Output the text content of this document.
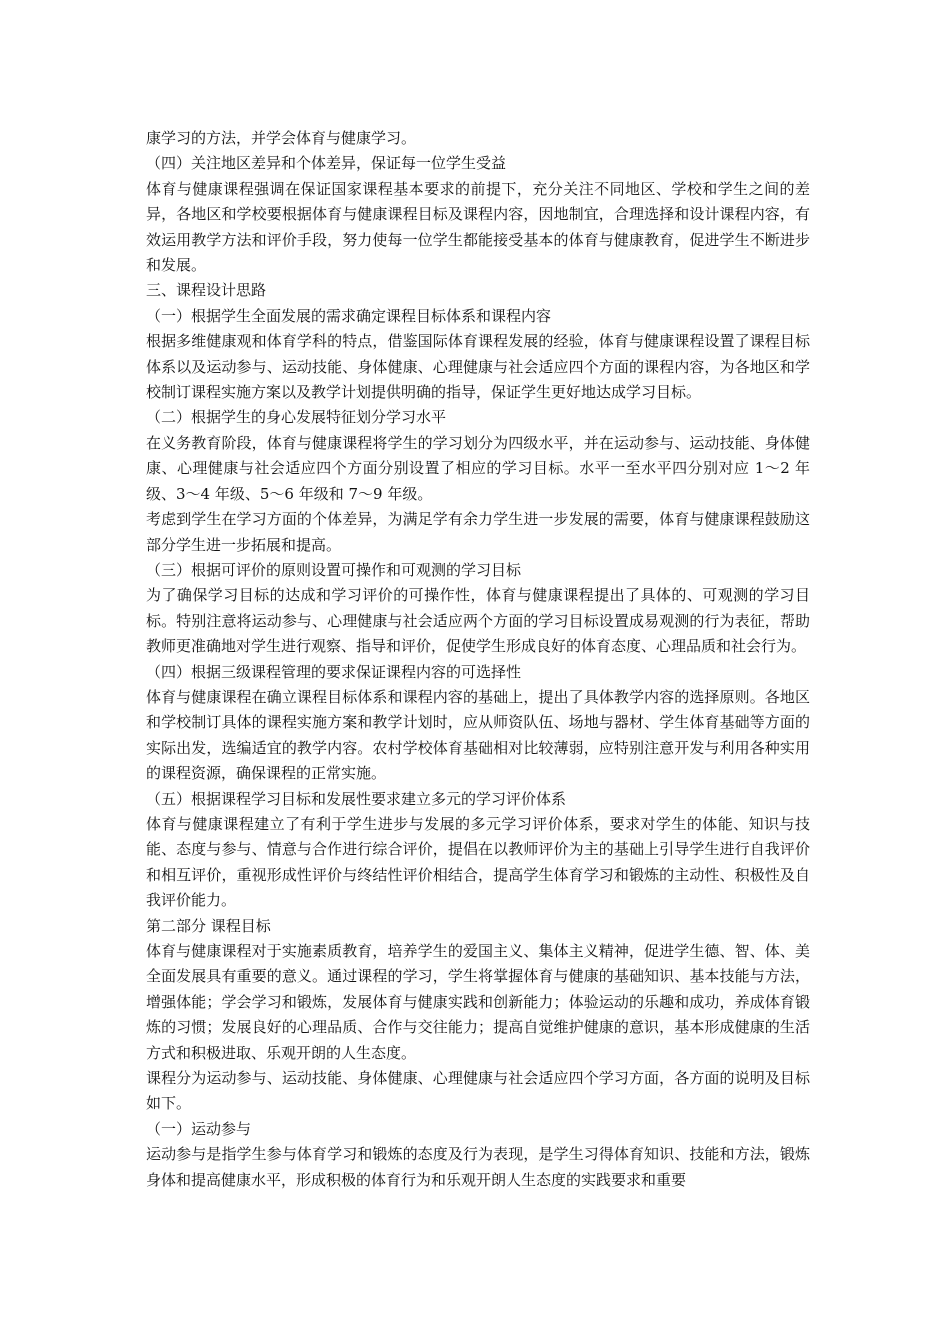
康学习的方法，并学会体育与健康学习。

（四）关注地区差异和个体差异，保证每一位学生受益

体育与健康课程强调在保证国家课程基本要求的前提下，充分关注不同地区、学校和学生之间的差异，各地区和学校要根据体育与健康课程目标及课程内容，因地制宜，合理选择和设计课程内容，有效运用教学方法和评价手段，努力使每一位学生都能接受基本的体育与健康教育，促进学生不断进步和发展。

三、课程设计思路

（一）根据学生全面发展的需求确定课程目标体系和课程内容

根据多维健康观和体育学科的特点，借鉴国际体育课程发展的经验，体育与健康课程设置了课程目标体系以及运动参与、运动技能、身体健康、心理健康与社会适应四个方面的课程内容，为各地区和学校制订课程实施方案以及教学计划提供明确的指导，保证学生更好地达成学习目标。

（二）根据学生的身心发展特征划分学习水平

在义务教育阶段，体育与健康课程将学生的学习划分为四级水平，并在运动参与、运动技能、身体健康、心理健康与社会适应四个方面分别设置了相应的学习目标。水平一至水平四分别对应 1～2 年级、3～4 年级、5～6 年级和 7～9 年级。

考虑到学生在学习方面的个体差异，为满足学有余力学生进一步发展的需要，体育与健康课程鼓励这部分学生进一步拓展和提高。

（三）根据可评价的原则设置可操作和可观测的学习目标

为了确保学习目标的达成和学习评价的可操作性，体育与健康课程提出了具体的、可观测的学习目标。特别注意将运动参与、心理健康与社会适应两个方面的学习目标设置成易观测的行为表征，帮助教师更准确地对学生进行观察、指导和评价，促使学生形成良好的体育态度、心理品质和社会行为。

（四）根据三级课程管理的要求保证课程内容的可选择性

体育与健康课程在确立课程目标体系和课程内容的基础上，提出了具体教学内容的选择原则。各地区和学校制订具体的课程实施方案和教学计划时，应从师资队伍、场地与器材、学生体育基础等方面的实际出发，选编适宜的教学内容。农村学校体育基础相对比较薄弱，应特别注意开发与利用各种实用的课程资源，确保课程的正常实施。

（五）根据课程学习目标和发展性要求建立多元的学习评价体系

体育与健康课程建立了有利于学生进步与发展的多元学习评价体系，要求对学生的体能、知识与技能、态度与参与、情意与合作进行综合评价，提倡在以教师评价为主的基础上引导学生进行自我评价和相互评价，重视形成性评价与终结性评价相结合，提高学生体育学习和锻炼的主动性、积极性及自我评价能力。

第二部分 课程目标

体育与健康课程对于实施素质教育，培养学生的爱国主义、集体主义精神，促进学生德、智、体、美全面发展具有重要的意义。通过课程的学习，学生将掌握体育与健康的基础知识、基本技能与方法，增强体能；学会学习和锻炼，发展体育与健康实践和创新能力；体验运动的乐趣和成功，养成体育锻炼的习惯；发展良好的心理品质、合作与交往能力；提高自觉维护健康的意识，基本形成健康的生活方式和积极进取、乐观开朗的人生态度。

课程分为运动参与、运动技能、身体健康、心理健康与社会适应四个学习方面，各方面的说明及目标如下。

（一）运动参与

运动参与是指学生参与体育学习和锻炼的态度及行为表现，是学生习得体育知识、技能和方法，锻炼身体和提高健康水平，形成积极的体育行为和乐观开朗人生态度的实践要求和重要
